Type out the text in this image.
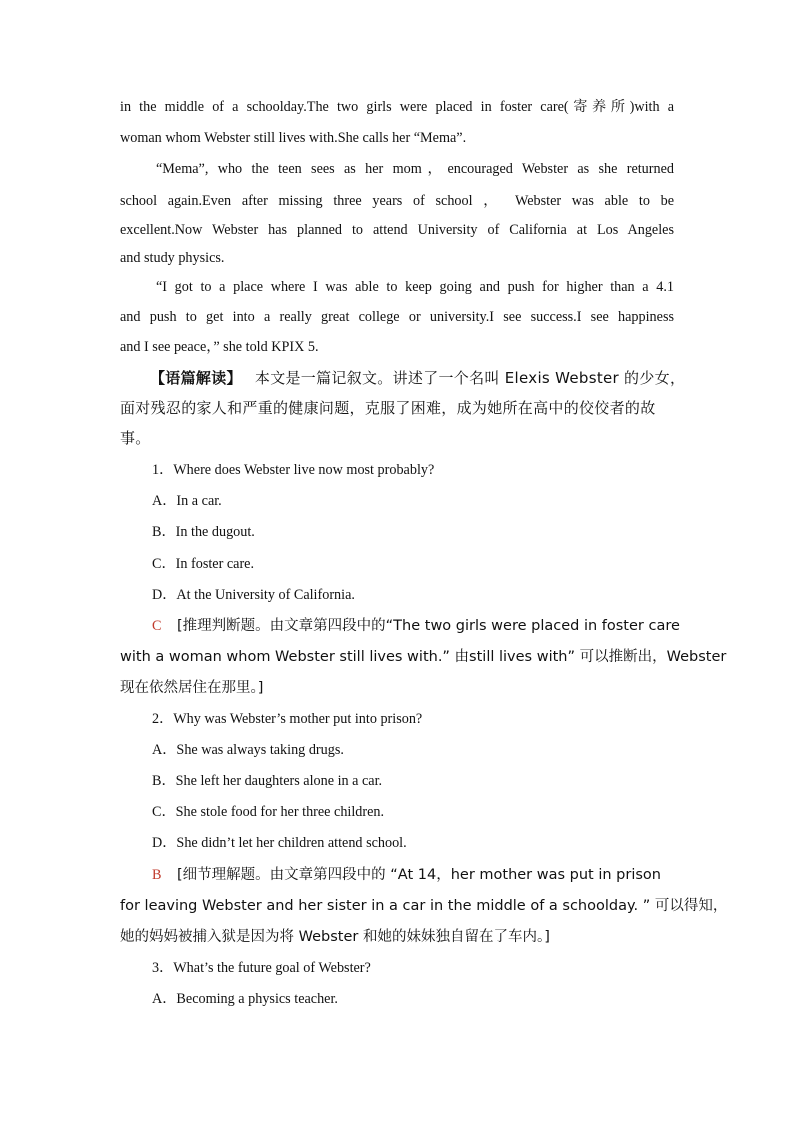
in the middle of a schoolday.The two girls were placed in foster care(寄养所)with a
woman whom Webster still lives with.She calls her “Mema”.
“Mema”, who the teen sees as her mom，encouraged Webster as she returned
school again.Even after missing three years of school ， Webster was able to be
excellent.Now Webster has planned to attend University of California at Los Angeles
and study physics.
“I got to a place where I was able to keep going and push for higher than a 4.1
and push to get into a really great college or university.I see success.I see happiness
and I see peace，” she told KPIX 5.
【语篇解读】 本文是一篇记叙文。讲述了一个名叫 Elexis Webster 的少女，
面对残忍的家人和严重的健康问题，克服了困难，成为她所在高中的佼佼者的故
事。
1．Where does Webster live now most probably?
A．In a car.
B．In the dugout.
C．In foster care.
D．At the University of California.
C [推理判断题。由文章第四段中的“The two girls were placed in foster care
with a woman whom Webster still lives with.” 由still lives with” 可以推断出，Webster
现在依然居住在那里。]
2．Why was Webster’s mother put into prison?
A．She was always taking drugs.
B．She left her daughters alone in a car.
C．She stole food for her three children.
D．She didn’t let her children attend school.
B [细节理解题。由文章第四段中的 “At 14，her mother was put in prison
for leaving Webster and her sister in a car in the middle of a schoolday. ” 可以得知，
她的妈妈被捕入狱是因为将 Webster 和她的妹妹独自留在了车内。]
3．What’s the future goal of Webster?
A．Becoming a physics teacher.
